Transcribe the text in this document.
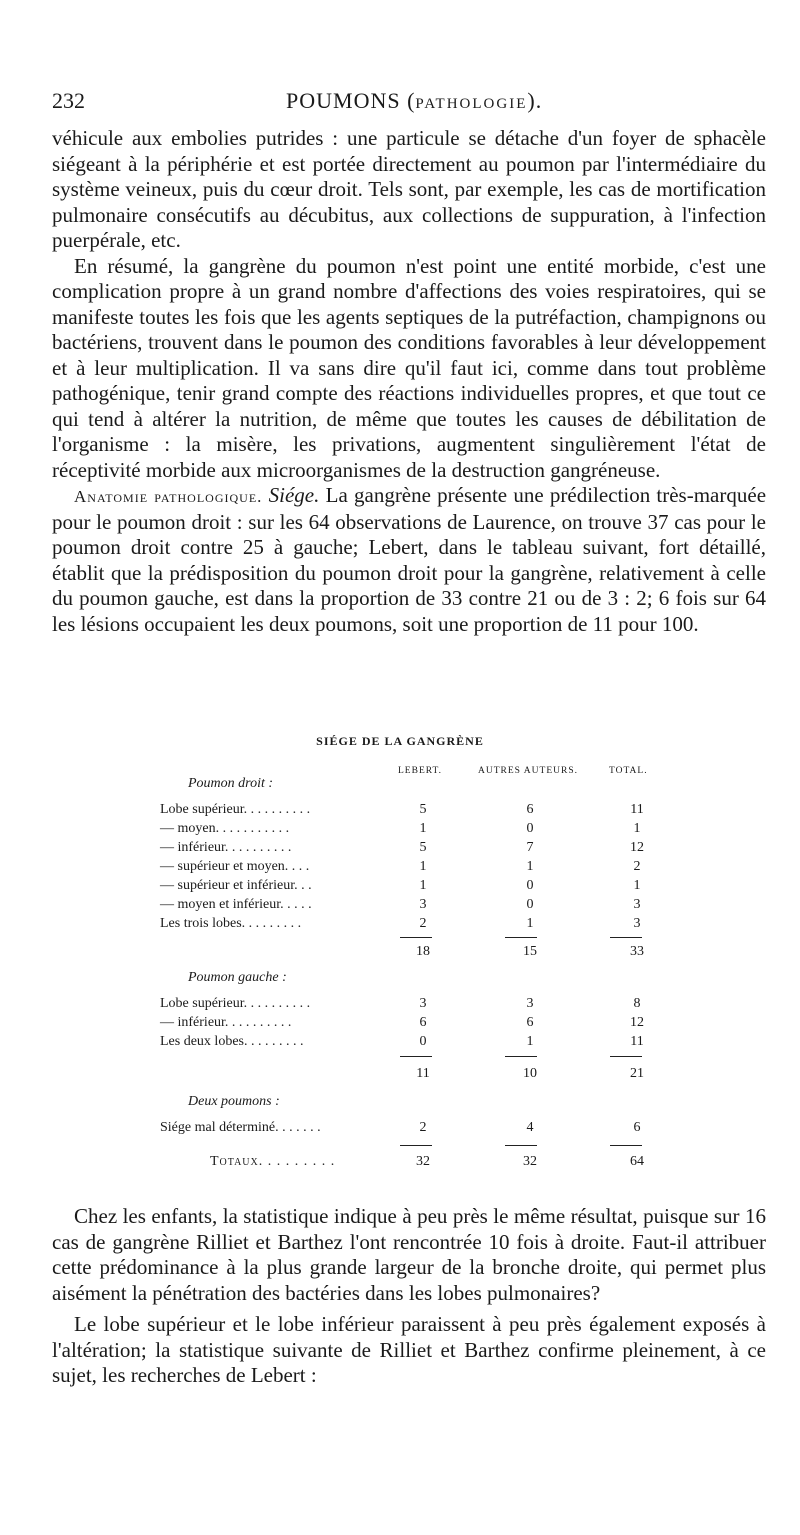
232	POUMONS (PATHOLOGIE).

véhicule aux embolies putrides : une particule se détache d'un foyer de sphacèle siégeant à la périphérie et est portée directement au poumon par l'intermédiaire du système veineux, puis du cœur droit. Tels sont, par exemple, les cas de mortification pulmonaire consécutifs au décubitus, aux collections de suppuration, à l'infection puerpérale, etc.

En résumé, la gangrène du poumon n'est point une entité morbide, c'est une complication propre à un grand nombre d'affections des voies respiratoires, qui se manifeste toutes les fois que les agents septiques de la putréfaction, champignons ou bactériens, trouvent dans le poumon des conditions favorables à leur développement et à leur multiplication. Il va sans dire qu'il faut ici, comme dans tout problème pathogénique, tenir grand compte des réactions individuelles propres, et que tout ce qui tend à altérer la nutrition, de même que toutes les causes de débilitation de l'organisme : la misère, les privations, augmentent singulièrement l'état de réceptivité morbide aux microorganismes de la destruction gangréneuse.

Anatomie pathologique. Siége. La gangrène présente une prédilection très-marquée pour le poumon droit : sur les 64 observations de Laurence, on trouve 37 cas pour le poumon droit contre 25 à gauche; Lebert, dans le tableau suivant, fort détaillé, établit que la prédisposition du poumon droit pour la gangrène, relativement à celle du poumon gauche, est dans la proportion de 33 contre 21 ou de 3 : 2; 6 fois sur 64 les lésions occupaient les deux poumons, soit une proportion de 11 pour 100.

SIÉGE DE LA GANGRÈNE
LEBERT.	AUTRES AUTEURS.	TOTAL.
Poumon droit :
Lobe supérieur. . . . . . . . . .	5	6	11
— moyen. . . . . . . . . . .	1	0	1
— inférieur. . . . . . . . . .	5	7	12
— supérieur et moyen. . . .	1	1	2
— supérieur et inférieur. . .	1	0	1
— moyen et inférieur. . . . .	3	0	3
Les trois lobes. . . . . . . . .	2	1	3
18	15	33
Poumon gauche :
Lobe supérieur. . . . . . . . . .	3	3	8
— inférieur. . . . . . . . . .	6	6	12
Les deux lobes. . . . . . . . .	0	1	11
11	10	21
Deux poumons :
Siége mal déterminé. . . . . . .	2	4	6
Totaux. . . . . . . . .	32	32	64

Chez les enfants, la statistique indique à peu près le même résultat, puisque sur 16 cas de gangrène Rilliet et Barthez l'ont rencontrée 10 fois à droite. Faut-il attribuer cette prédominance à la plus grande largeur de la bronche droite, qui permet plus aisément la pénétration des bactéries dans les lobes pulmonaires?

Le lobe supérieur et le lobe inférieur paraissent à peu près également exposés à l'altération; la statistique suivante de Rilliet et Barthez confirme pleinement, à ce sujet, les recherches de Lebert :
